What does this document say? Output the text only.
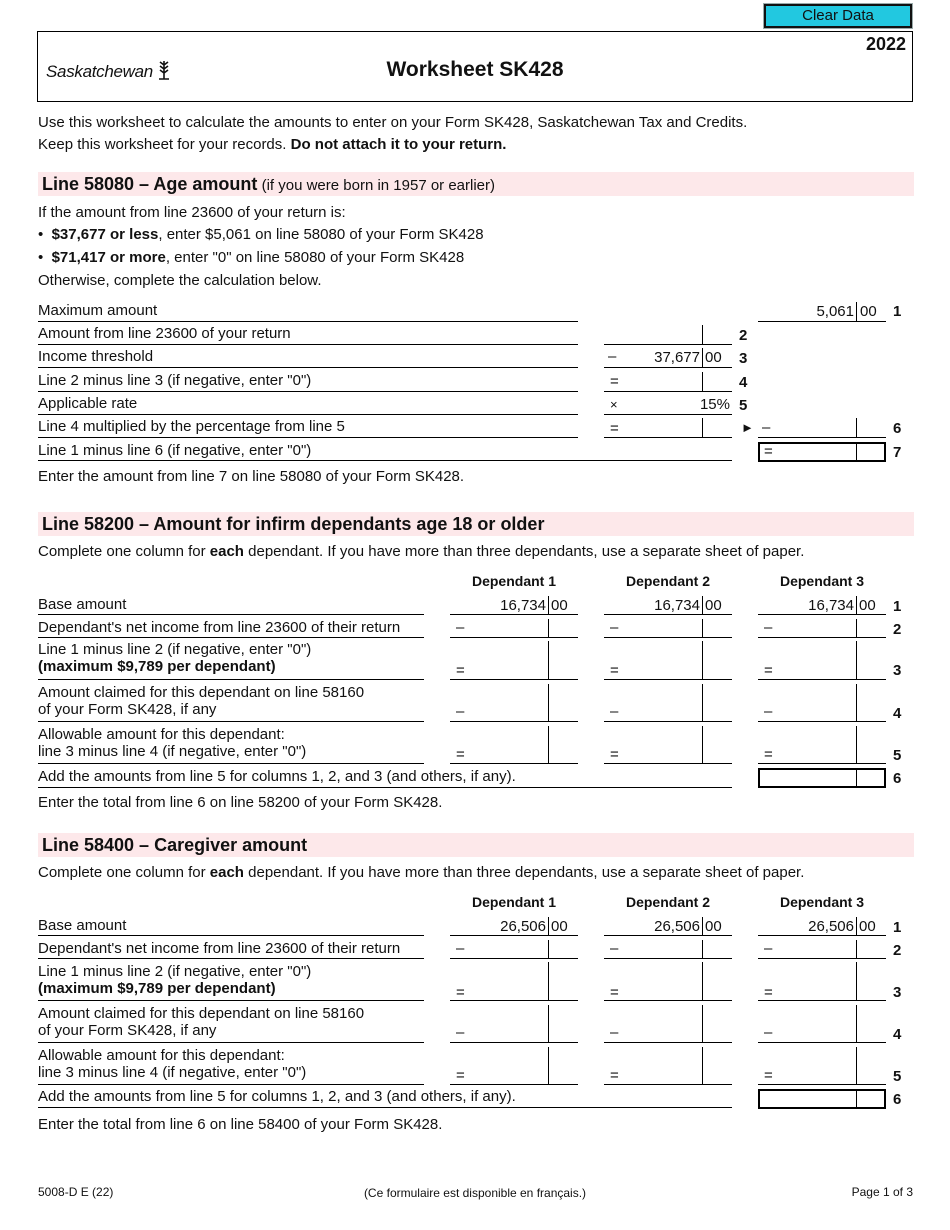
Clear Data
2022
Saskatchewan	Worksheet SK428
Use this worksheet to calculate the amounts to enter on your Form SK428, Saskatchewan Tax and Credits.
Keep this worksheet for your records. Do not attach it to your return.
Line 58080 – Age amount (if you were born in 1957 or earlier)
If the amount from line 23600 of your return is:
•  $37,677 or less, enter $5,061 on line 58080 of your Form SK428
•  $71,417 or more, enter "0" on line 58080 of your Form SK428
Otherwise, complete the calculation below.
Maximum amount	5,061 00 1
Amount from line 23600 of your return	2
Income threshold	–	37,677 00 3
Line 2 minus line 3 (if negative, enter "0")	=	4
Applicable rate	×	15% 5
Line 4 multiplied by the percentage from line 5	=	► –	6
Line 1 minus line 6 (if negative, enter "0")	=	7
Enter the amount from line 7 on line 58080 of your Form SK428.
Line 58200 – Amount for infirm dependants age 18 or older
Complete one column for each dependant. If you have more than three dependants, use a separate sheet of paper.
Dependant 1	Dependant 2	Dependant 3
Base amount	16,734 00	16,734 00	16,734 00 1
Dependant's net income from line 23600 of their return	–	–	–	2
Line 1 minus line 2 (if negative, enter "0")
(maximum $9,789 per dependant)	=	=	=	3
Amount claimed for this dependant on line 58160
of your Form SK428, if any	–	–	–	4
Allowable amount for this dependant:
line 3 minus line 4 (if negative, enter "0")	=	=	=	5
Add the amounts from line 5 for columns 1, 2, and 3 (and others, if any).	6
Enter the total from line 6 on line 58200 of your Form SK428.
Line 58400 – Caregiver amount
Complete one column for each dependant. If you have more than three dependants, use a separate sheet of paper.
Dependant 1	Dependant 2	Dependant 3
Base amount	26,506 00	26,506 00	26,506 00 1
Dependant's net income from line 23600 of their return	–	–	–	2
Line 1 minus line 2 (if negative, enter "0")
(maximum $9,789 per dependant)	=	=	=	3
Amount claimed for this dependant on line 58160
of your Form SK428, if any	–	–	–	4
Allowable amount for this dependant:
line 3 minus line 4 (if negative, enter "0")	=	=	=	5
Add the amounts from line 5 for columns 1, 2, and 3 (and others, if any).	6
Enter the total from line 6 on line 58400 of your Form SK428.
5008-D E (22)	(Ce formulaire est disponible en français.)	Page 1 of 3
